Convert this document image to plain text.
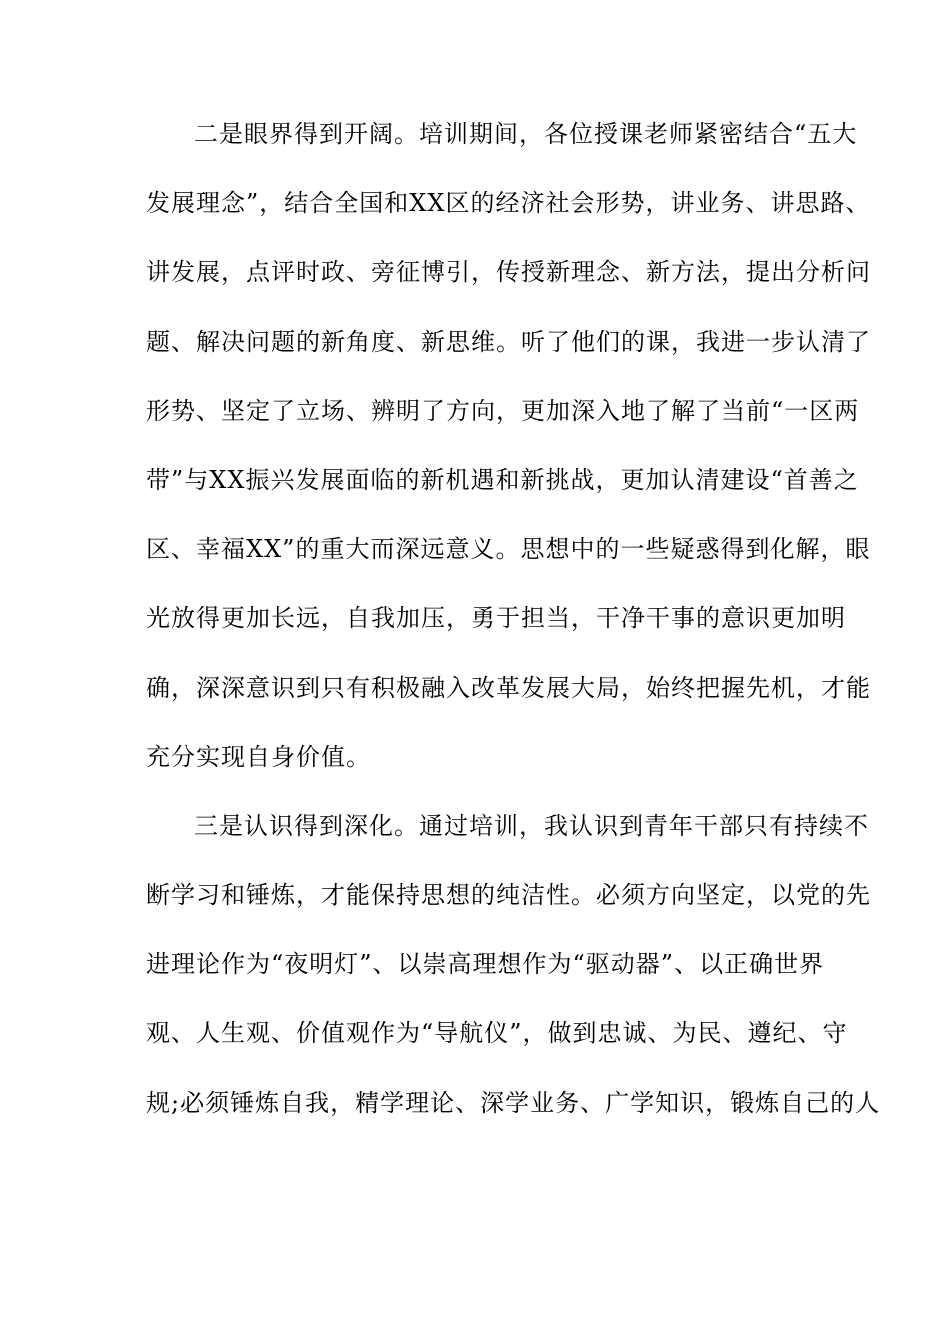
二是眼界得到开阔。培训期间，各位授课老师紧密结合“五大
发展理念”，结合全国和XX区的经济社会形势，讲业务、讲思路、
讲发展，点评时政、旁征博引，传授新理念、新方法，提出分析问
题、解决问题的新角度、新思维。听了他们的课，我进一步认清了
形势、坚定了立场、辨明了方向，更加深入地了解了当前“一区两
带”与XX振兴发展面临的新机遇和新挑战，更加认清建设“首善之
区、幸福XX”的重大而深远意义。思想中的一些疑惑得到化解，眼
光放得更加长远，自我加压，勇于担当，干净干事的意识更加明
确，深深意识到只有积极融入改革发展大局，始终把握先机，才能
充分实现自身价值。
三是认识得到深化。通过培训，我认识到青年干部只有持续不
断学习和锤炼，才能保持思想的纯洁性。必须方向坚定，以党的先
进理论作为“夜明灯”、以崇高理想作为“驱动器”、以正确世界
观、人生观、价值观作为“导航仪”，做到忠诚、为民、遵纪、守
规;必须锤炼自我，精学理论、深学业务、广学知识，锻炼自己的人
